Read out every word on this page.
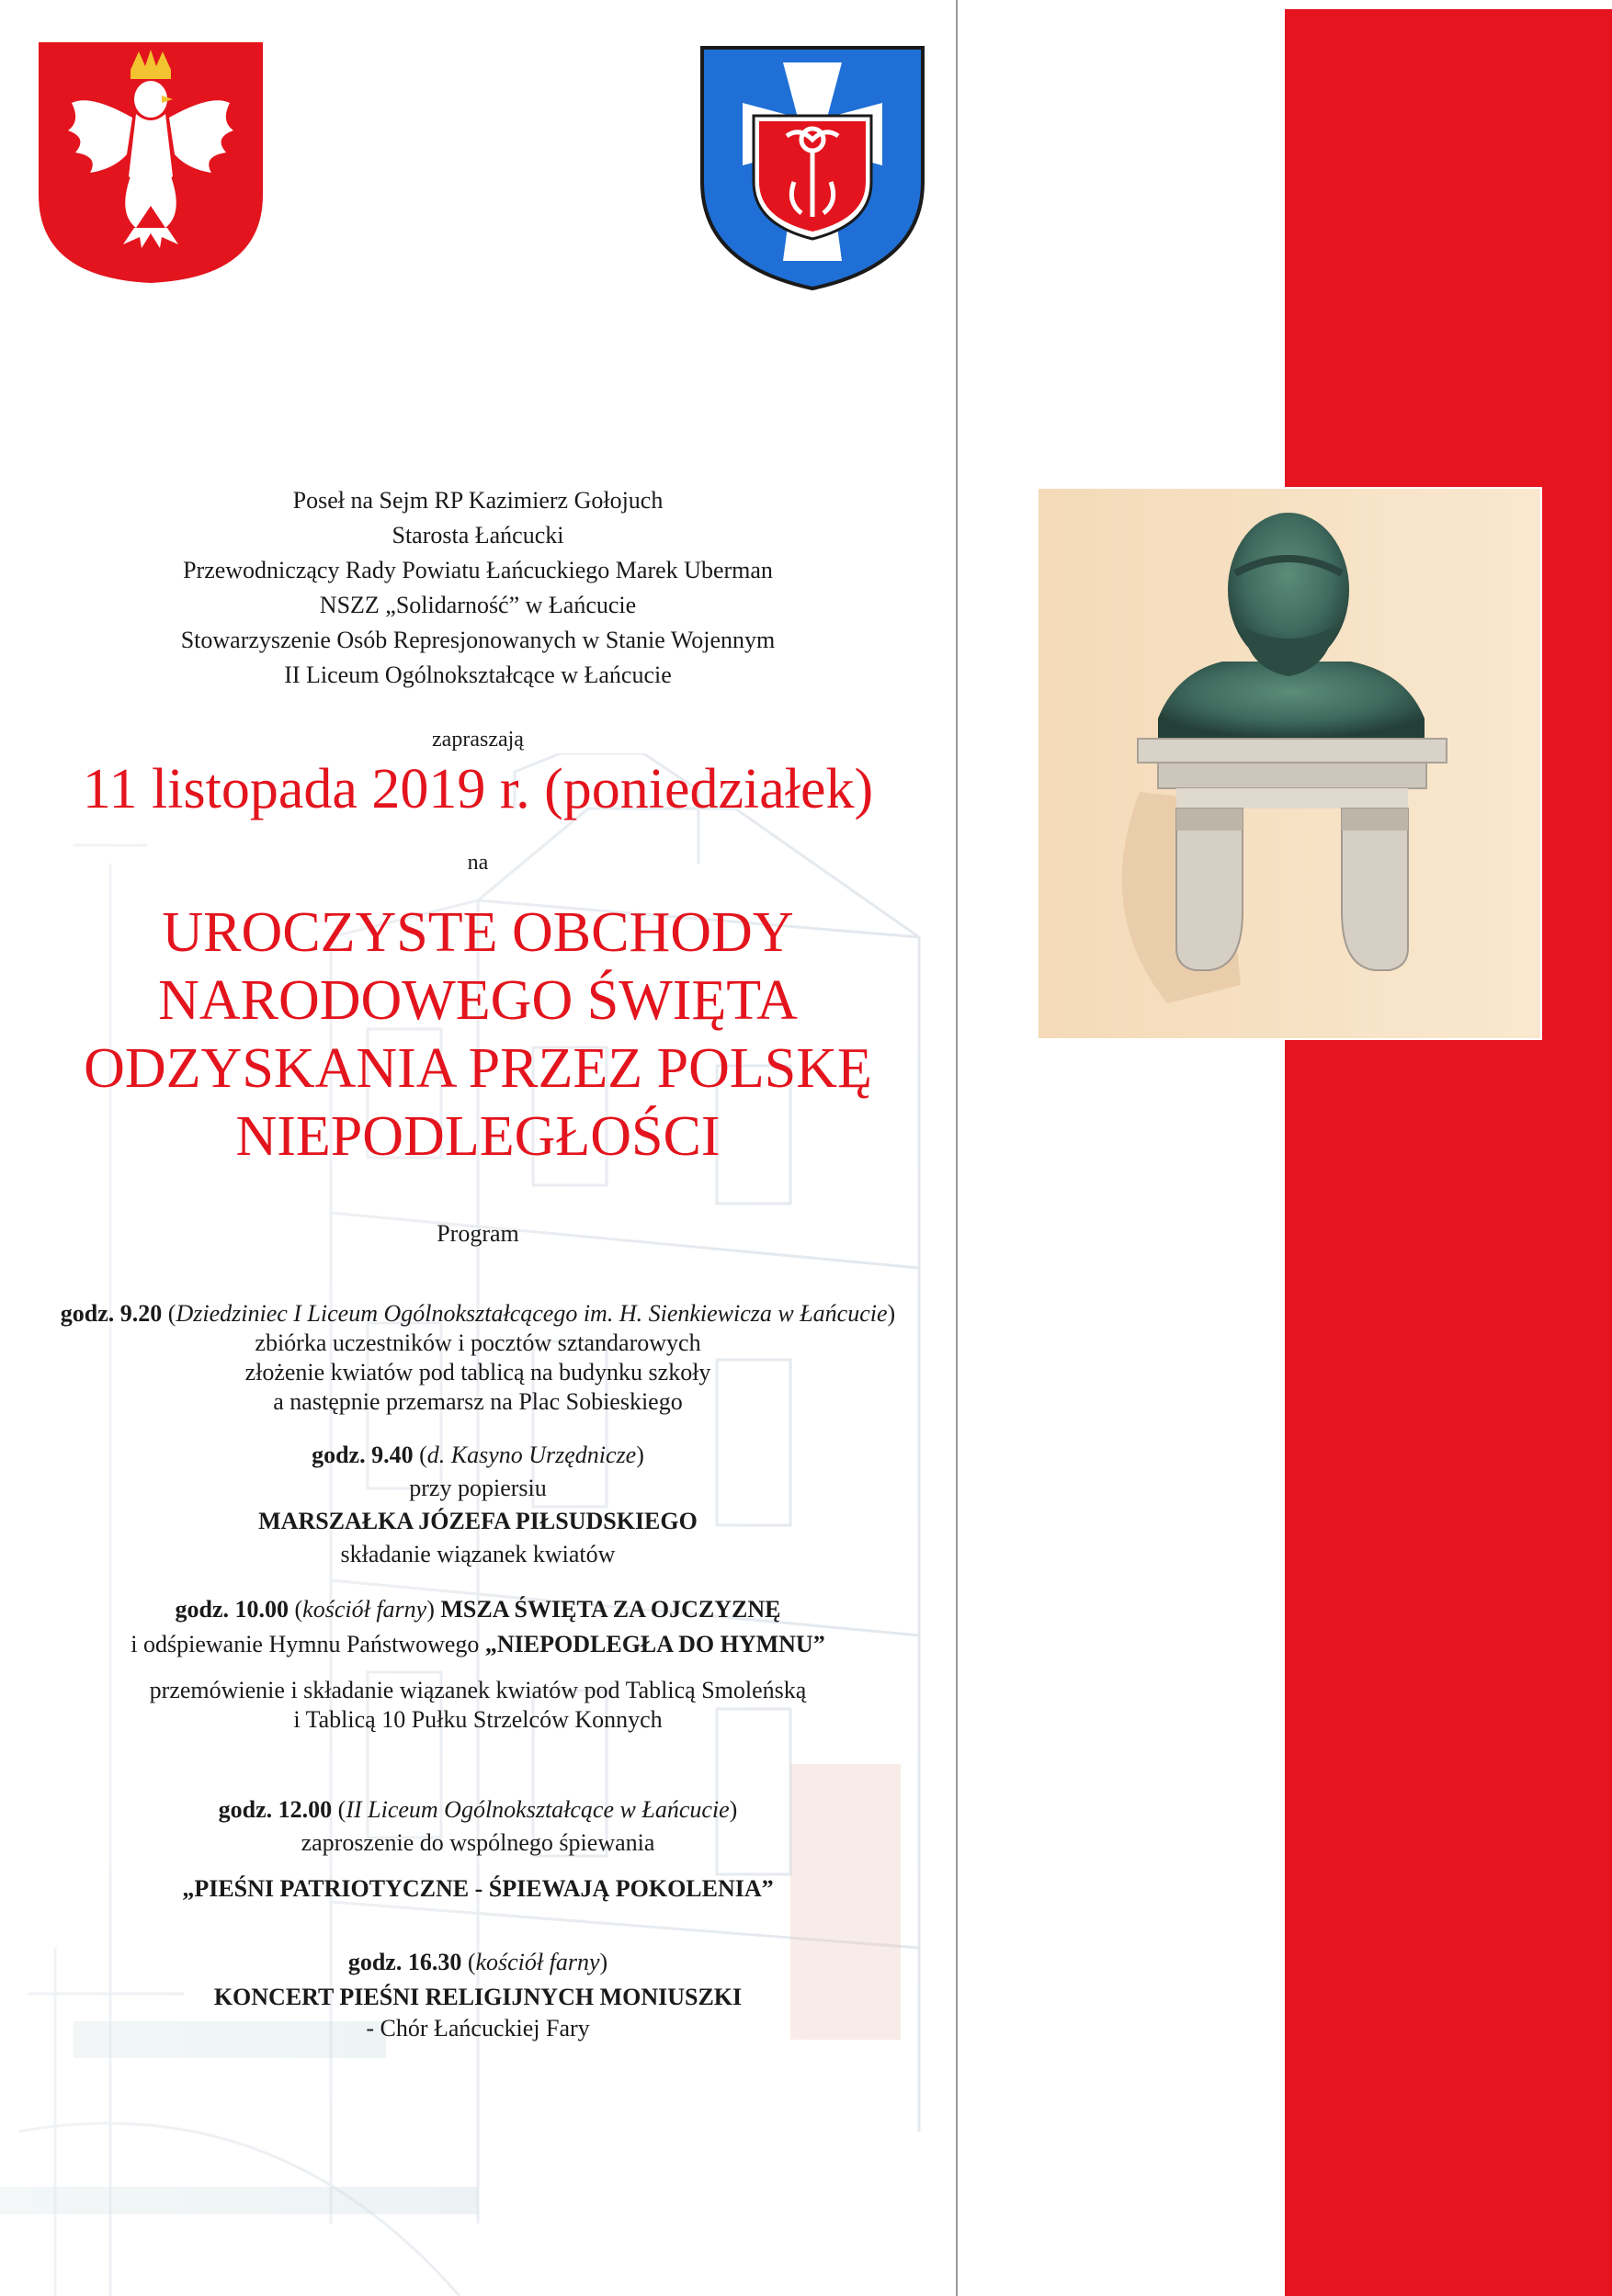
Poseł na Sejm RP Kazimierz Gołojuch
Starosta Łańcucki
Przewodniczący Rady Powiatu Łańcuckiego Marek Uberman
NSZZ „Solidarność” w Łańcucie
Stowarzyszenie Osób Represjonowanych w Stanie Wojennym
II Liceum Ogólnokształcące w Łańcucie
zapraszają
11 listopada 2019 r. (poniedziałek)
na
UROCZYSTE OBCHODY
NARODOWEGO ŚWIĘTA
ODZYSKANIA PRZEZ POLSKĘ
NIEPODLEGŁOŚCI
Program
godz. 9.20 (Dziedziniec I Liceum Ogólnokształcącego im. H. Sienkiewicza w Łańcucie)
zbiórka uczestników i pocztów sztandarowych
złożenie kwiatów pod tablicą na budynku szkoły
a następnie przemarsz na Plac Sobieskiego
godz. 9.40 (d. Kasyno Urzędnicze)
przy popiersiu
MARSZAŁKA JÓZEFA PIŁSUDSKIEGO
składanie wiązanek kwiatów
godz. 10.00 (kościół farny) MSZA ŚWIĘTA ZA OJCZYZNĘ
i odśpiewanie Hymnu Państwowego „NIEPODLEGŁA DO HYMNU”
przemówienie i składanie wiązanek kwiatów pod Tablicą Smoleńską
i Tablicą 10 Pułku Strzelców Konnych
godz. 12.00 (II Liceum Ogólnokształcące w Łańcucie)
zaproszenie do wspólnego śpiewania
„PIEŚNI PATRIOTYCZNE - ŚPIEWAJĄ POKOLENIA”
godz. 16.30 (kościół farny)
KONCERT PIEŚNI RELIGIJNYCH MONIUSZKI
- Chór Łańcuckiej Fary
